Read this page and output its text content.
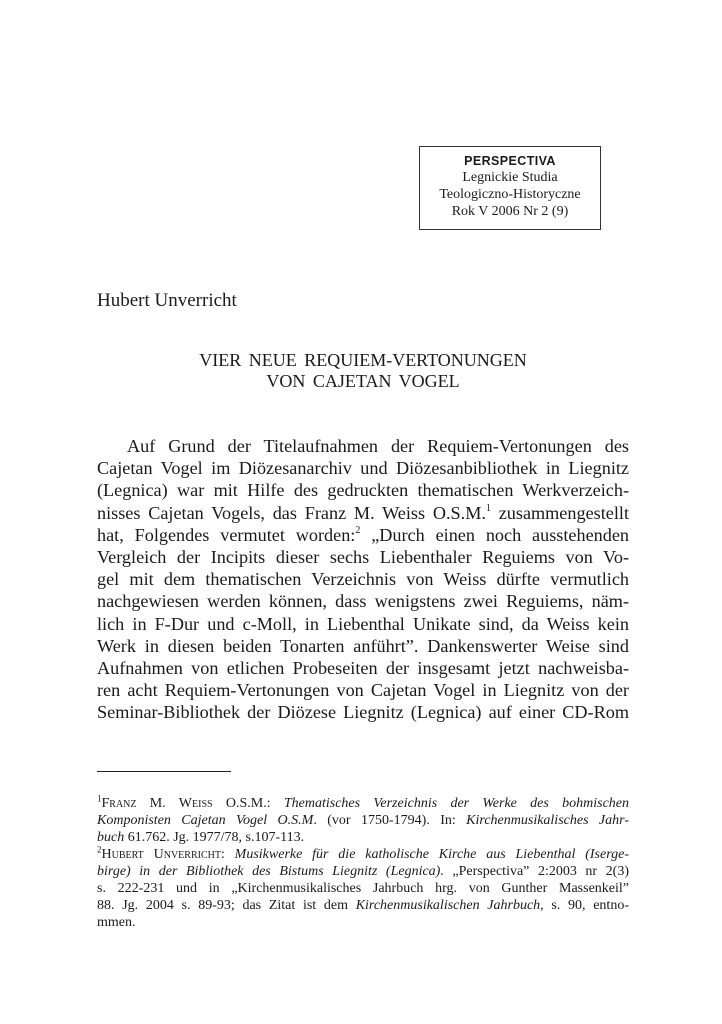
PERSPECTIVA
Legnickie Studia
Teologiczno-Historyczne
Rok V 2006 Nr 2 (9)
Hubert Unverricht
VIER NEUE REQUIEM-VERTONUNGEN
VON CAJETAN VOGEL
Auf Grund der Titelaufnahmen der Requiem-Vertonungen des
Cajetan Vogel im Diözesanarchiv und Diözesanbibliothek in Liegnitz
(Legnica) war mit Hilfe des gedruckten thematischen Werkverzeich-
nisses Cajetan Vogels, das Franz M. Weiss O.S.M.$^1$ zusammengestellt
hat, Folgendes vermutet worden:$^2$ „Durch einen noch ausstehenden
Vergleich der Incipits dieser sechs Liebenthaler Reguiems von Vo-
gel mit dem thematischen Verzeichnis von Weiss dürfte vermutlich
nachgewiesen werden können, dass wenigstens zwei Reguiems, näm-
lich in F-Dur und c-Moll, in Liebenthal Unikate sind, da Weiss kein
Werk in diesen beiden Tonarten anführt”. Dankenswerter Weise sind
Aufnahmen von etlichen Probeseiten der insgesamt jetzt nachweisba-
ren acht Requiem-Vertonungen von Cajetan Vogel in Liegnitz von der
Seminar-Bibliothek der Diözese Liegnitz (Legnica) auf einer CD-Rom
$^1$Franz M. Weiss O.S.M.: Thematisches Verzeichnis der Werke des bohmischen
Komponisten Cajetan Vogel O.S.M. (vor 1750-1794). In: Kirchenmusikalisches Jahr-
buch 61.762. Jg. 1977/78, s.107-113.
$^2$Hubert Unverricht: Musikwerke für die katholische Kirche aus Liebenthal (Iserge-
birge) in der Bibliothek des Bistums Liegnitz (Legnica). „Perspectiva” 2:2003 nr 2(3)
s. 222-231 und in „Kirchenmusikalisches Jahrbuch hrg. von Gunther Massenkeil”
88. Jg. 2004 s. 89-93; das Zitat ist dem Kirchenmusikalischen Jahrbuch, s. 90, entno-
mmen.
